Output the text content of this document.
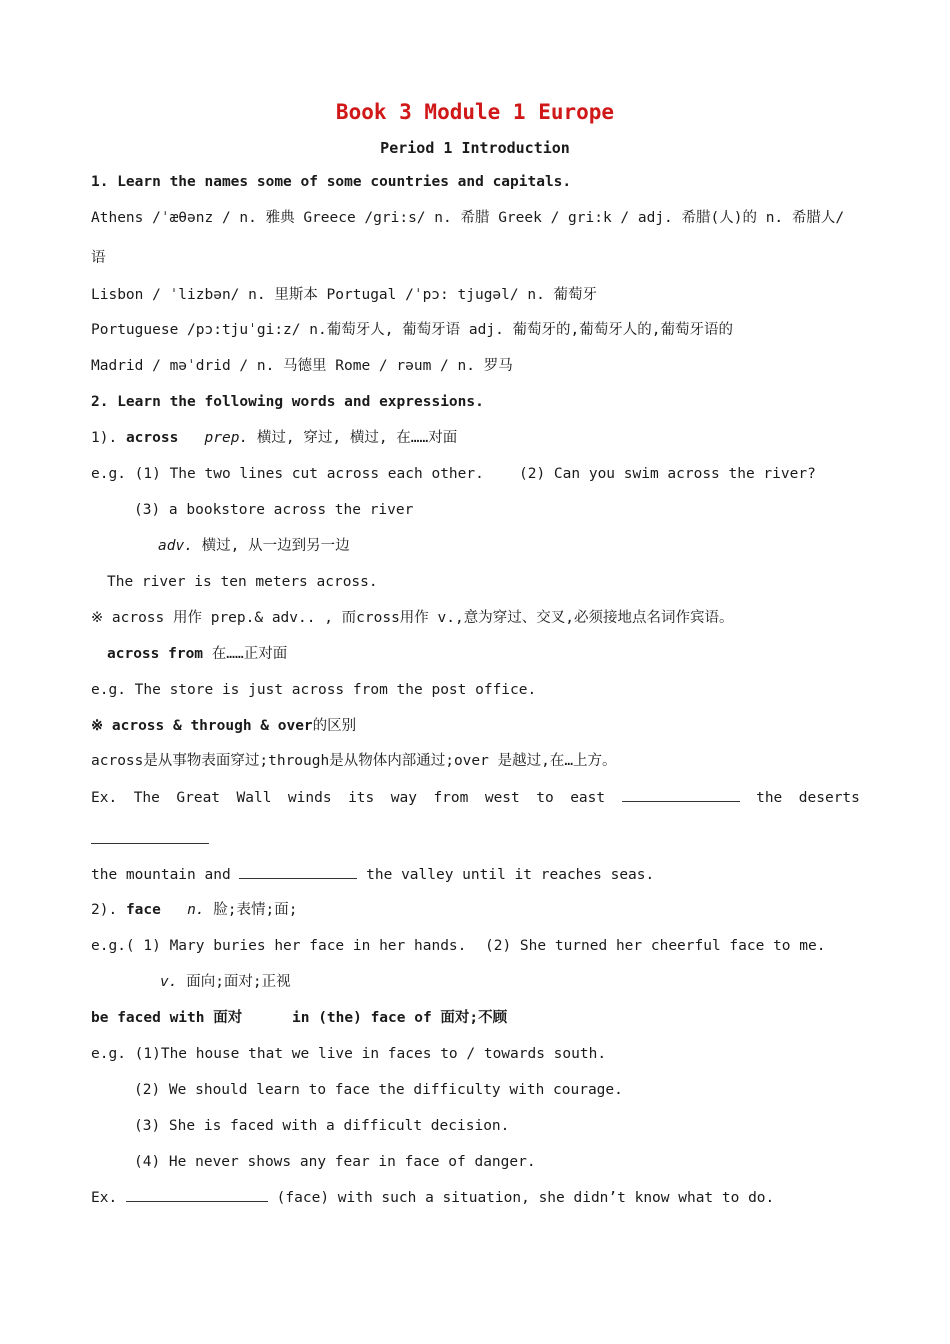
Book 3 Module 1 Europe
Period 1 Introduction
1. Learn the names some of some countries and capitals.
Athens /ˈæθənz / n. 雅典 Greece /gri:s/ n. 希腊 Greek / gri:k / adj. 希腊(人)的 n. 希腊人/
语
Lisbon / ˈlizbən/ n. 里斯本 Portugal /ˈpɔ: tjugəl/ n. 葡萄牙
Portuguese /pɔ:tjuˈgi:z/ n.葡萄牙人, 葡萄牙语 adj. 葡萄牙的,葡萄牙人的,葡萄牙语的
Madrid / məˈdrid / n. 马德里 Rome / rəum / n. 罗马
2. Learn the following words and expressions.
1). across prep. 横过, 穿过, 横过, 在……对面
e.g. (1) The two lines cut across each other. (2) Can you swim across the river?
(3) a bookstore across the river
adv. 横过, 从一边到另一边
The river is ten meters across.
※ across 用作 prep.& adv.. , 而cross用作 v.,意为穿过、交叉,必须接地点名词作宾语。
across from 在……正对面
e.g. The store is just across from the post office.
※ across & through & over的区别
across是从事物表面穿过;through是从物体内部通过;over 是越过,在…上方。
Ex. The Great Wall winds its way from west to east	the deserts
the mountain and	the valley until it reaches seas.
2). face n. 脸;表情;面;
e.g.( 1) Mary buries her face in her hands. (2) She turned her cheerful face to me.
v. 面向;面对;正视
be faced with 面对	in (the) face of 面对;不顾
e.g. (1)The house that we live in faces to / towards south.
(2) We should learn to face the difficulty with courage.
(3) She is faced with a difficult decision.
(4) He never shows any fear in face of danger.
Ex.	(face) with such a situation, she didn’t know what to do.
